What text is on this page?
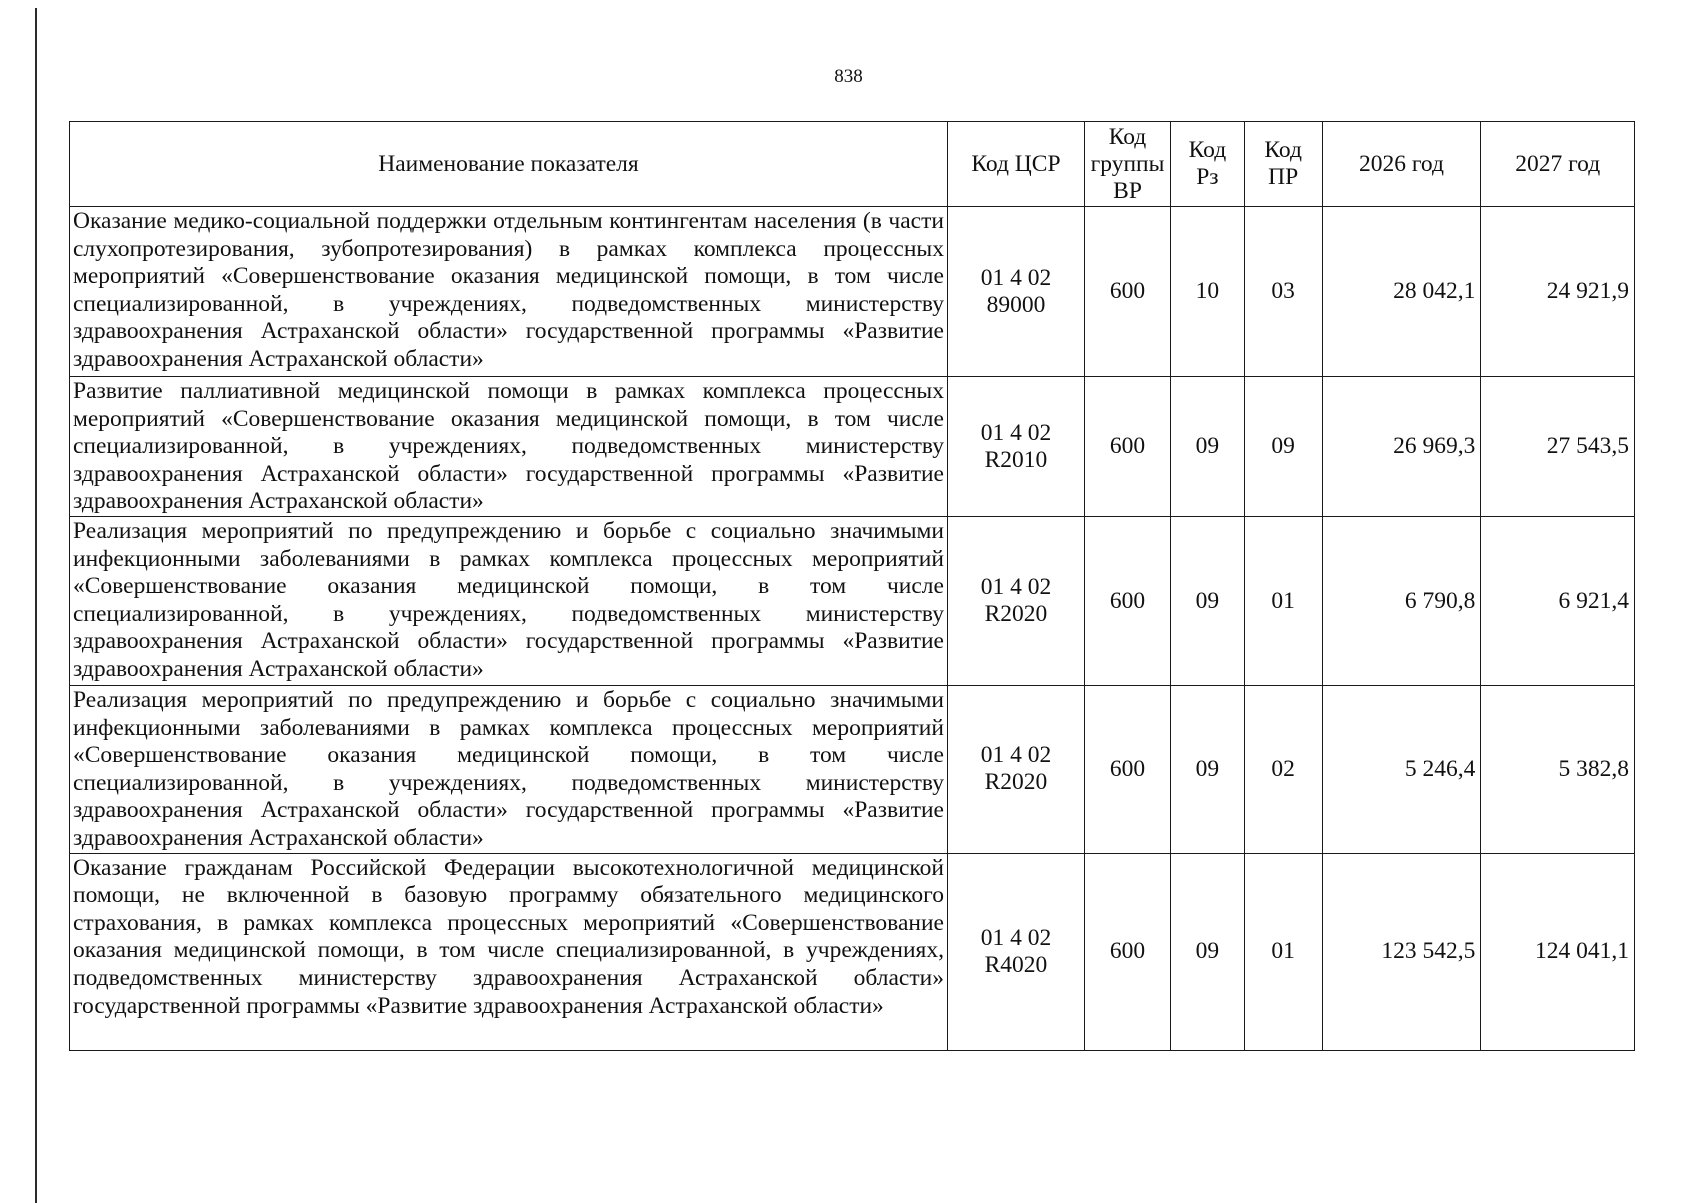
838
Наименование показателя	Код ЦСР	Код группы ВР	Код Рз	Код ПР	2026 год	2027 год
Оказание медико-социальной поддержки отдельным контингентам населения (в части слухопротезирования, зубопротезирования) в рамках комплекса процессных мероприятий «Совершенствование оказания медицинской помощи, в том числе специализированной, в учреждениях, подведомственных министерству здравоохранения Астраханской области» государственной программы «Развитие здравоохранения Астраханской области»	01 4 02 89000	600	10	03	28 042,1	24 921,9
Развитие паллиативной медицинской помощи в рамках комплекса процессных мероприятий «Совершенствование оказания медицинской помощи, в том числе специализированной, в учреждениях, подведомственных министерству здравоохранения Астраханской области» государственной программы «Развитие здравоохранения Астраханской области»	01 4 02 R2010	600	09	09	26 969,3	27 543,5
Реализация мероприятий по предупреждению и борьбе с социально значимыми инфекционными заболеваниями в рамках комплекса процессных мероприятий «Совершенствование оказания медицинской помощи, в том числе специализированной, в учреждениях, подведомственных министерству здравоохранения Астраханской области» государственной программы «Развитие здравоохранения Астраханской области»	01 4 02 R2020	600	09	01	6 790,8	6 921,4
Реализация мероприятий по предупреждению и борьбе с социально значимыми инфекционными заболеваниями в рамках комплекса процессных мероприятий «Совершенствование оказания медицинской помощи, в том числе специализированной, в учреждениях, подведомственных министерству здравоохранения Астраханской области» государственной программы «Развитие здравоохранения Астраханской области»	01 4 02 R2020	600	09	02	5 246,4	5 382,8
Оказание гражданам Российской Федерации высокотехнологичной медицинской помощи, не включенной в базовую программу обязательного медицинского страхования, в рамках комплекса процессных мероприятий «Совершенствование оказания медицинской помощи, в том числе специализированной, в учреждениях, подведомственных министерству здравоохранения Астраханской области» государственной программы «Развитие здравоохранения Астраханской области»	01 4 02 R4020	600	09	01	123 542,5	124 041,1
